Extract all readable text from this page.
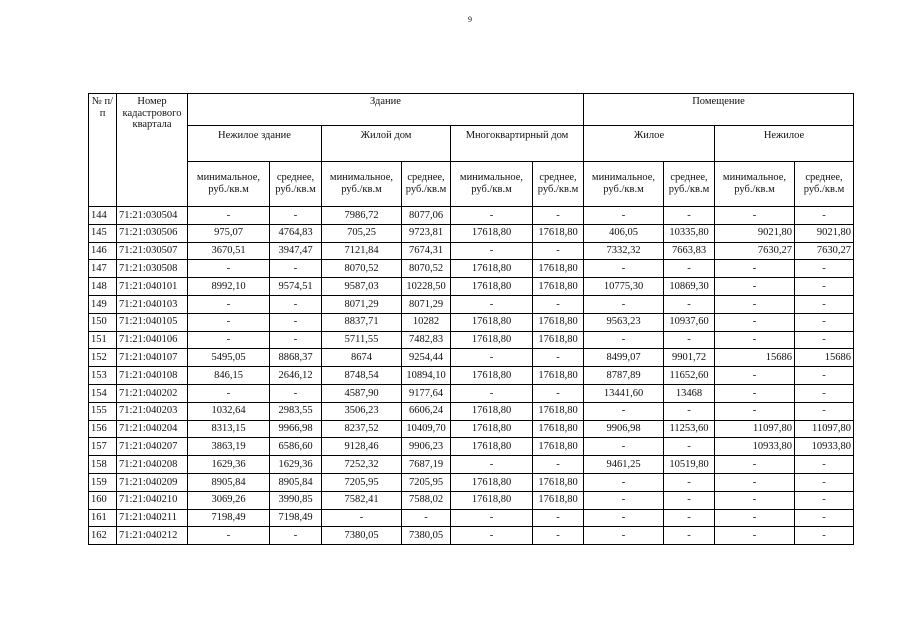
9
№ п/п	Номер кадастрового квартала	Здание						Помещение			
		Нежилое здание		Жилой дом		Многоквартирный дом		Жилое		Нежилое	
		минимальное, руб./кв.м	среднее, руб./кв.м	минимальное, руб./кв.м	среднее, руб./кв.м	минимальное, руб./кв.м	среднее, руб./кв.м	минимальное, руб./кв.м	среднее, руб./кв.м	минимальное, руб./кв.м	среднее, руб./кв.м
144	71:21:030504	-	-	7986,72	8077,06	-	-	-	-	-	-
145	71:21:030506	975,07	4764,83	705,25	9723,81	17618,80	17618,80	406,05	10335,80	9021,80	9021,80
146	71:21:030507	3670,51	3947,47	7121,84	7674,31	-	-	7332,32	7663,83	7630,27	7630,27
147	71:21:030508	-	-	8070,52	8070,52	17618,80	17618,80	-	-	-	-
148	71:21:040101	8992,10	9574,51	9587,03	10228,50	17618,80	17618,80	10775,30	10869,30	-	-
149	71:21:040103	-	-	8071,29	8071,29	-	-	-	-	-	-
150	71:21:040105	-	-	8837,71	10282	17618,80	17618,80	9563,23	10937,60	-	-
151	71:21:040106	-	-	5711,55	7482,83	17618,80	17618,80	-	-	-	-
152	71:21:040107	5495,05	8868,37	8674	9254,44	-	-	8499,07	9901,72	15686	15686
153	71:21:040108	846,15	2646,12	8748,54	10894,10	17618,80	17618,80	8787,89	11652,60	-	-
154	71:21:040202	-	-	4587,90	9177,64	-	-	13441,60	13468	-	-
155	71:21:040203	1032,64	2983,55	3506,23	6606,24	17618,80	17618,80	-	-	-	-
156	71:21:040204	8313,15	9966,98	8237,52	10409,70	17618,80	17618,80	9906,98	11253,60	11097,80	11097,80
157	71:21:040207	3863,19	6586,60	9128,46	9906,23	17618,80	17618,80	-	-	10933,80	10933,80
158	71:21:040208	1629,36	1629,36	7252,32	7687,19	-	-	9461,25	10519,80	-	-
159	71:21:040209	8905,84	8905,84	7205,95	7205,95	17618,80	17618,80	-	-	-	-
160	71:21:040210	3069,26	3990,85	7582,41	7588,02	17618,80	17618,80	-	-	-	-
161	71:21:040211	7198,49	7198,49	-	-	-	-	-	-	-	-
162	71:21:040212	-	-	7380,05	7380,05	-	-	-	-	-	-
